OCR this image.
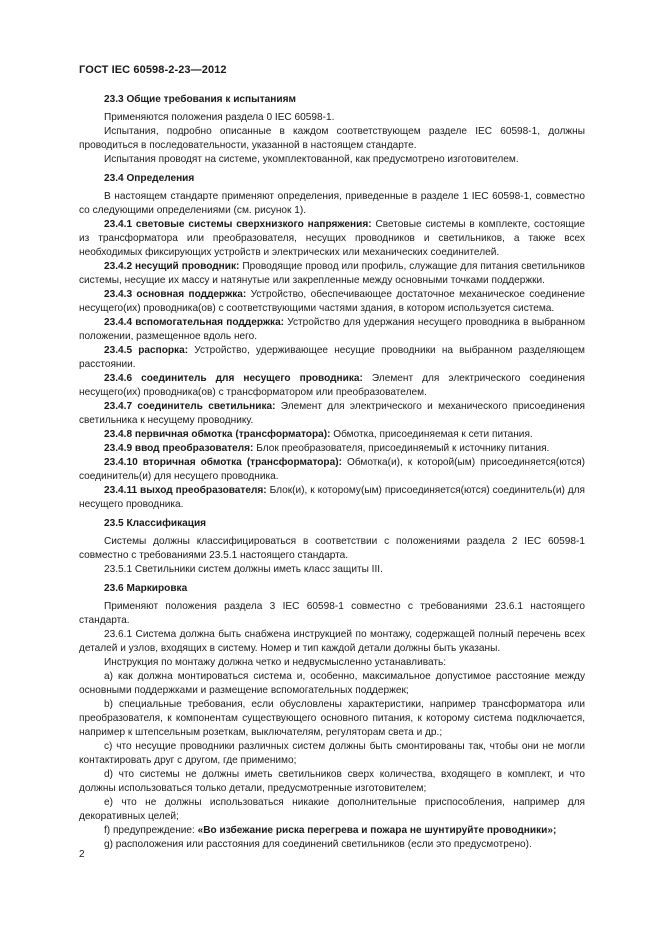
ГОСТ IEC 60598-2-23—2012
23.3 Общие требования к испытаниям

Применяются положения раздела 0 IEC 60598-1.

Испытания, подробно описанные в каждом соответствующем разделе IEC 60598-1, должны проводиться в последовательности, указанной в настоящем стандарте.

Испытания проводят на системе, укомплектованной, как предусмотрено изготовителем.

23.4 Определения

В настоящем стандарте применяют определения, приведенные в разделе 1 IEC 60598-1, совместно со следующими определениями (см. рисунок 1).

23.4.1 световые системы сверхнизкого напряжения: Световые системы в комплекте, состоящие из трансформатора или преобразователя, несущих проводников и светильников, а также всех необходимых фиксирующих устройств и электрических или механических соединителей.

23.4.2 несущий проводник: Проводящие провод или профиль, служащие для питания светильников системы, несущие их массу и натянутые или закрепленные между основными точками поддержки.

23.4.3 основная поддержка: Устройство, обеспечивающее достаточное механическое соединение несущего(их) проводника(ов) с соответствующими частями здания, в котором используется система.

23.4.4 вспомогательная поддержка: Устройство для удержания несущего проводника в выбранном положении, размещенное вдоль него.

23.4.5 распорка: Устройство, удерживающее несущие проводники на выбранном разделяющем расстоянии.

23.4.6 соединитель для несущего проводника: Элемент для электрического соединения несущего(их) проводника(ов) с трансформатором или преобразователем.

23.4.7 соединитель светильника: Элемент для электрического и механического присоединения светильника к несущему проводнику.

23.4.8 первичная обмотка (трансформатора): Обмотка, присоединяемая к сети питания.

23.4.9 ввод преобразователя: Блок преобразователя, присоединяемый к источнику питания.

23.4.10 вторичная обмотка (трансформатора): Обмотка(и), к которой(ым) присоединяется(ются) соединитель(и) для несущего проводника.

23.4.11 выход преобразователя: Блок(и), к которому(ым) присоединяется(ются) соединитель(и) для несущего проводника.

23.5 Классификация

Системы должны классифицироваться в соответствии с положениями раздела 2 IEC 60598-1 совместно с требованиями 23.5.1 настоящего стандарта.

23.5.1 Светильники систем должны иметь класс защиты III.

23.6 Маркировка

Применяют положения раздела 3 IEC 60598-1 совместно с требованиями 23.6.1 настоящего стандарта.

23.6.1 Система должна быть снабжена инструкцией по монтажу, содержащей полный перечень всех деталей и узлов, входящих в систему. Номер и тип каждой детали должны быть указаны.

Инструкция по монтажу должна четко и недвусмысленно устанавливать:

a) как должна монтироваться система и, особенно, максимальное допустимое расстояние между основными поддержками и размещение вспомогательных поддержек;

b) специальные требования, если обусловлены характеристики, например трансформатора или преобразователя, к компонентам существующего основного питания, к которому система подключается, например к штепсельным розеткам, выключателям, регуляторам света и др.;

c) что несущие проводники различных систем должны быть смонтированы так, чтобы они не могли контактировать друг с другом, где применимо;

d) что системы не должны иметь светильников сверх количества, входящего в комплект, и что должны использоваться только детали, предусмотренные изготовителем;

e) что не должны использоваться никакие дополнительные приспособления, например для декоративных целей;

f) предупреждение: «Во избежание риска перегрева и пожара не шунтируйте проводники»;

g) расположения или расстояния для соединений светильников (если это предусмотрено).

2
